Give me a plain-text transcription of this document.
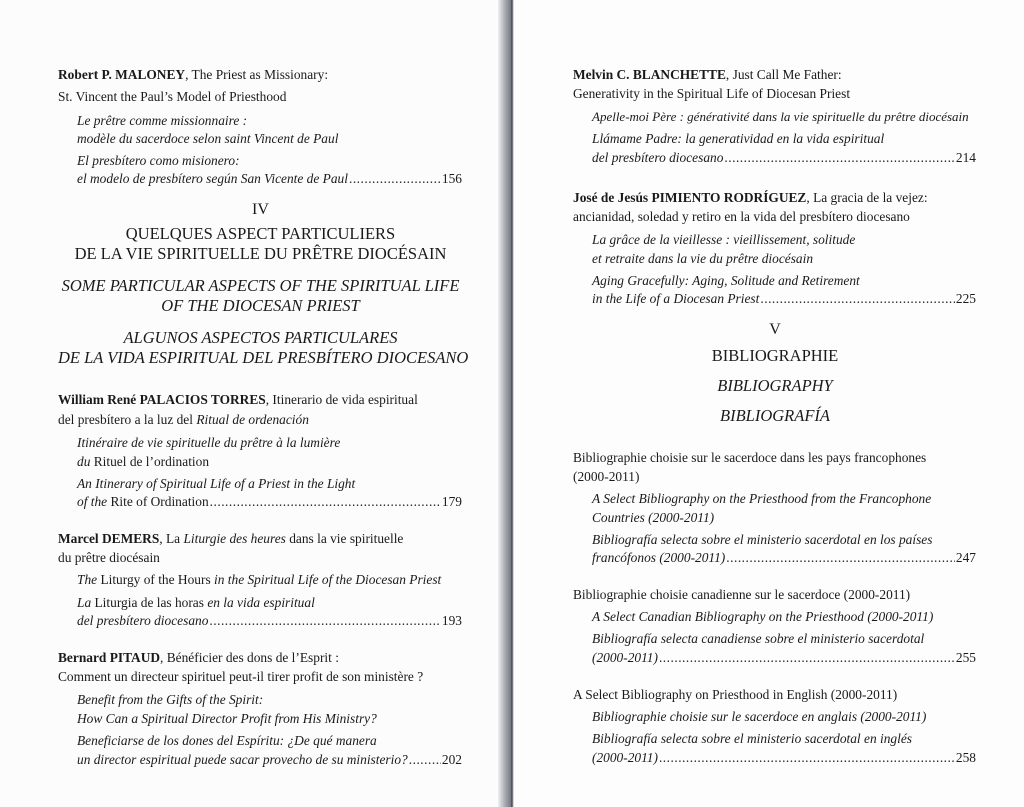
Robert P. MALONEY, The Priest as Missionary:
St. Vincent the Paul’s Model of Priesthood
Le prêtre comme missionnaire :
modèle du sacerdoce selon saint Vincent de Paul
El presbítero como misionero:
el modelo de presbítero según San Vicente de Paul .....	156
IV
QUELQUES ASPECT PARTICULIERS
DE LA VIE SPIRITUELLE DU PRÊTRE DIOCÉSAIN
SOME PARTICULAR ASPECTS OF THE SPIRITUAL LIFE
OF THE DIOCESAN PRIEST
ALGUNOS ASPECTOS PARTICULARES
DE LA VIDA ESPIRITUAL DEL PRESBÍTERO DIOCESANO
William René PALACIOS TORRES, Itinerario de vida espiritual
del presbítero a la luz del Ritual de ordenación
Itinéraire de vie spirituelle du prêtre à la lumière
du Rituel de l’ordination
An Itinerary of Spiritual Life of a Priest in the Light
of the Rite of Ordination .....	179
Marcel DEMERS, La Liturgie des heures dans la vie spirituelle
du prêtre diocésain
The Liturgy of the Hours in the Spiritual Life of the Diocesan Priest
La Liturgia de las horas en la vida espiritual
del presbítero diocesano .....	193
Bernard PITAUD, Bénéficier des dons de l’Esprit :
Comment un directeur spirituel peut-il tirer profit de son ministère ?
Benefit from the Gifts of the Spirit:
How Can a Spiritual Director Profit from His Ministry?
Beneficiarse de los dones del Espíritu: ¿De qué manera
un director espiritual puede sacar provecho de su ministerio? .....	202
Melvin C. BLANCHETTE, Just Call Me Father:
Generativity in the Spiritual Life of Diocesan Priest
Apelle-moi Père : générativité dans la vie spirituelle du prêtre diocésain
Llámame Padre: la generatividad en la vida espiritual
del presbítero diocesano .....	214
José de Jesús PIMIENTO RODRÍGUEZ, La gracia de la vejez:
ancianidad, soledad y retiro en la vida del presbítero diocesano
La grâce de la vieillesse : vieillissement, solitude
et retraite dans la vie du prêtre diocésain
Aging Gracefully: Aging, Solitude and Retirement
in the Life of a Diocesan Priest .....	225
V
BIBLIOGRAPHIE
BIBLIOGRAPHY
BIBLIOGRAFÍA
Bibliographie choisie sur le sacerdoce dans les pays francophones
(2000-2011)
A Select Bibliography on the Priesthood from the Francophone
Countries (2000-2011)
Bibliografía selecta sobre el ministerio sacerdotal en los países
francófonos (2000-2011) .....	247
Bibliographie choisie canadienne sur le sacerdoce (2000-2011)
A Select Canadian Bibliography on the Priesthood (2000-2011)
Bibliografía selecta canadiense sobre el ministerio sacerdotal
(2000-2011) .....	255
A Select Bibliography on Priesthood in English (2000-2011)
Bibliographie choisie sur le sacerdoce en anglais (2000-2011)
Bibliografía selecta sobre el ministerio sacerdotal en inglés
(2000-2011) .....	258
